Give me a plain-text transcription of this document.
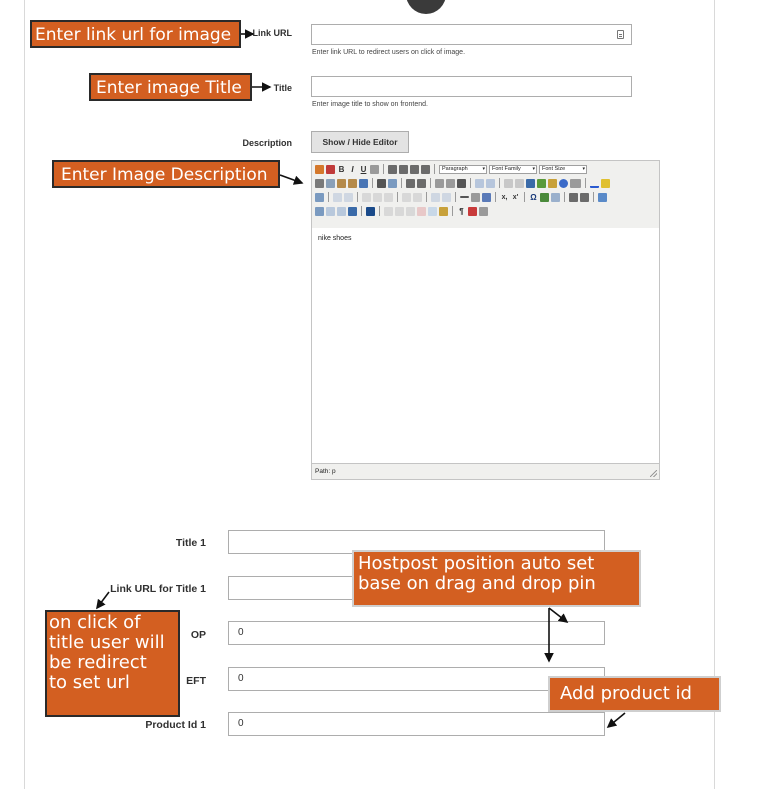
Link URL
Enter link URL to redirect users on click of image.
Title
Enter image title to show on frontend.
Description	Show / Hide Editor
B I U	Paragraph ▾	Font Family ▾	Font Size ▾
x, x' Ω
¶
nike shoes
Path: p
Title 1
Link URL for Title 1
OP	0
EFT	0
Product Id 1	0
Enter link url for image
Enter image Title
Enter Image Description
Hostpost position auto set
base on drag and drop pin
on click of
title user will
be redirect
to set url
Add product id
